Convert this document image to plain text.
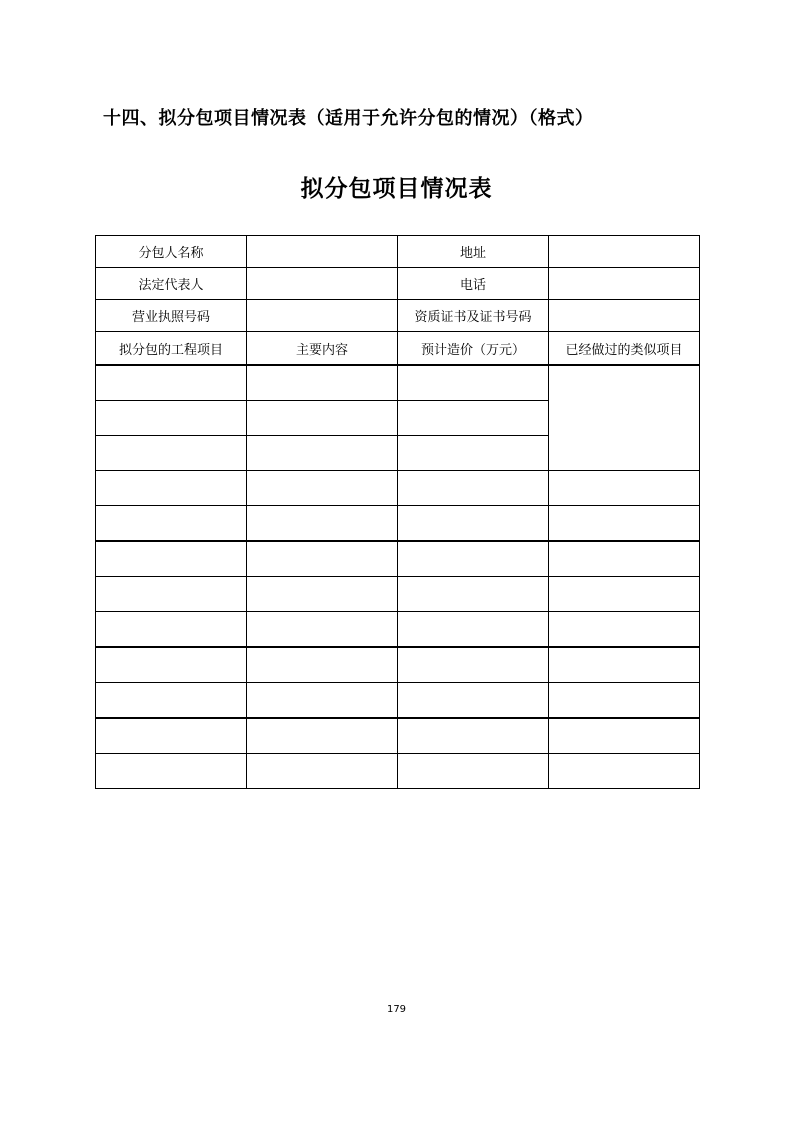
十四、拟分包项目情况表（适用于允许分包的情况）（格式）
拟分包项目情况表
分包人名称		地址	
法定代表人		电话	
营业执照号码		资质证书及证书号码	
拟分包的工程项目	主要内容	预计造价（万元）	已经做过的类似项目

179
